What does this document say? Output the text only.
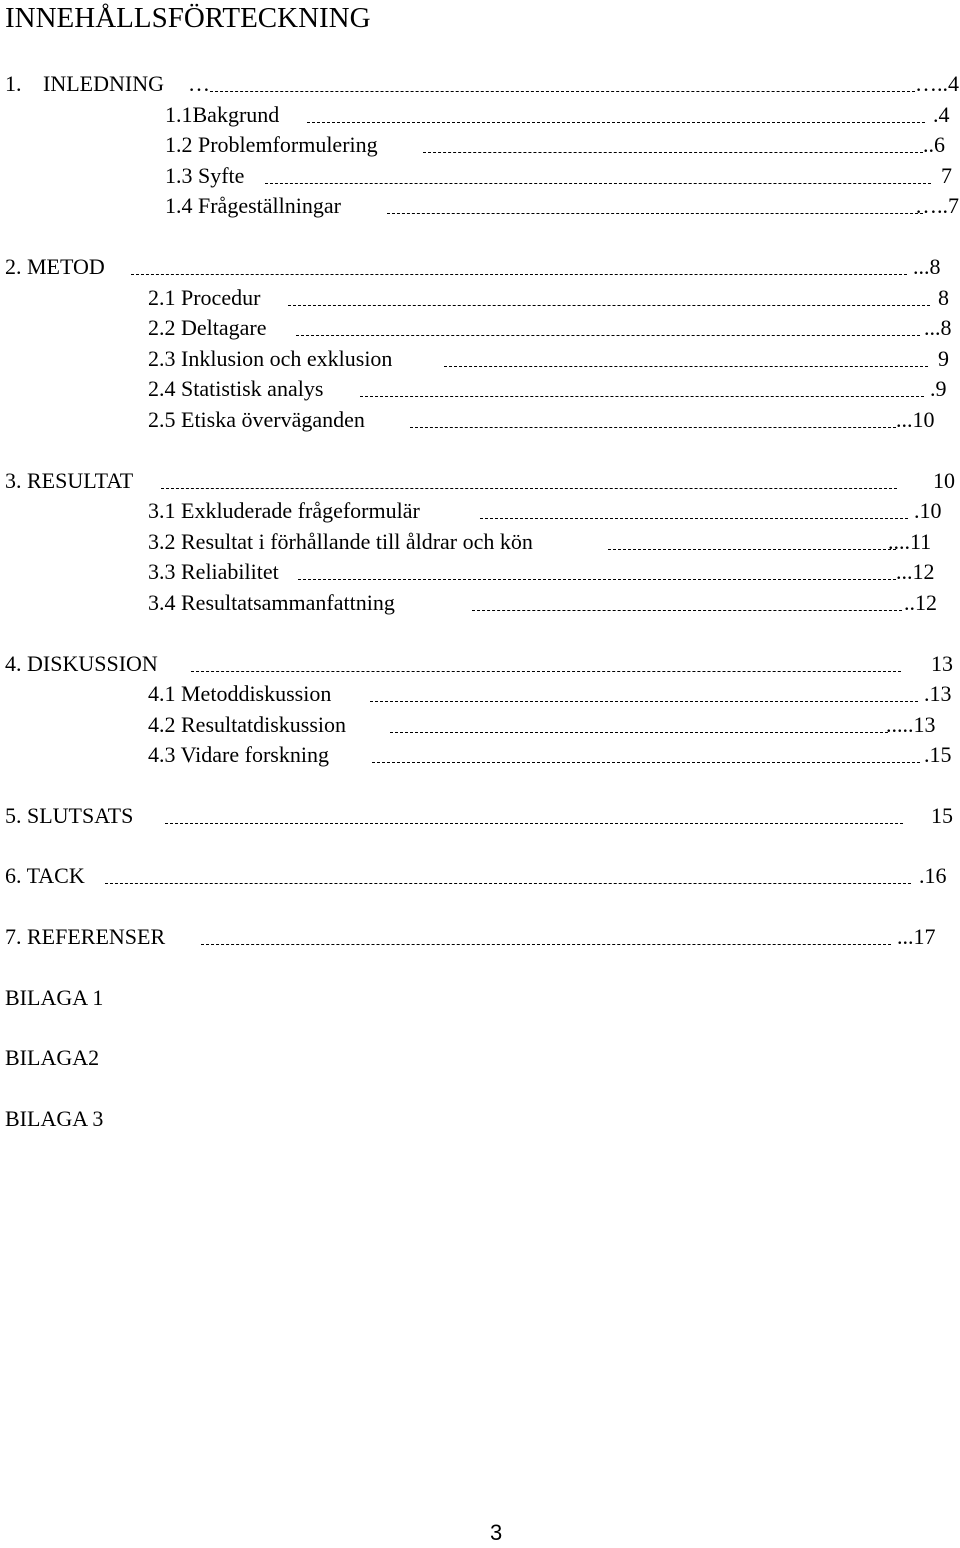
INNEHÅLLSFÖRTECKNING
1. INLEDNING …	…..4
1.1Bakgrund	.4
1.2 Problemformulering	..6
1.3 Syfte	7
1.4 Frågeställningar	…..7
2. METOD	...8
2.1 Procedur	8
2.2 Deltagare	...8
2.3 Inklusion och exklusion	9
2.4 Statistisk analys	.9
2.5 Etiska överväganden	...10
3. RESULTAT	10
3.1 Exkluderade frågeformulär	.10
3.2 Resultat i förhållande till åldrar och kön	....11
3.3 Reliabilitet	...12
3.4 Resultatsammanfattning	..12
4. DISKUSSION	13
4.1 Metoddiskussion	.13
4.2 Resultatdiskussion	.....13
4.3 Vidare forskning	.15
5. SLUTSATS	15
6. TACK	.16
7. REFERENSER	...17
BILAGA 1
BILAGA2
BILAGA 3
3
